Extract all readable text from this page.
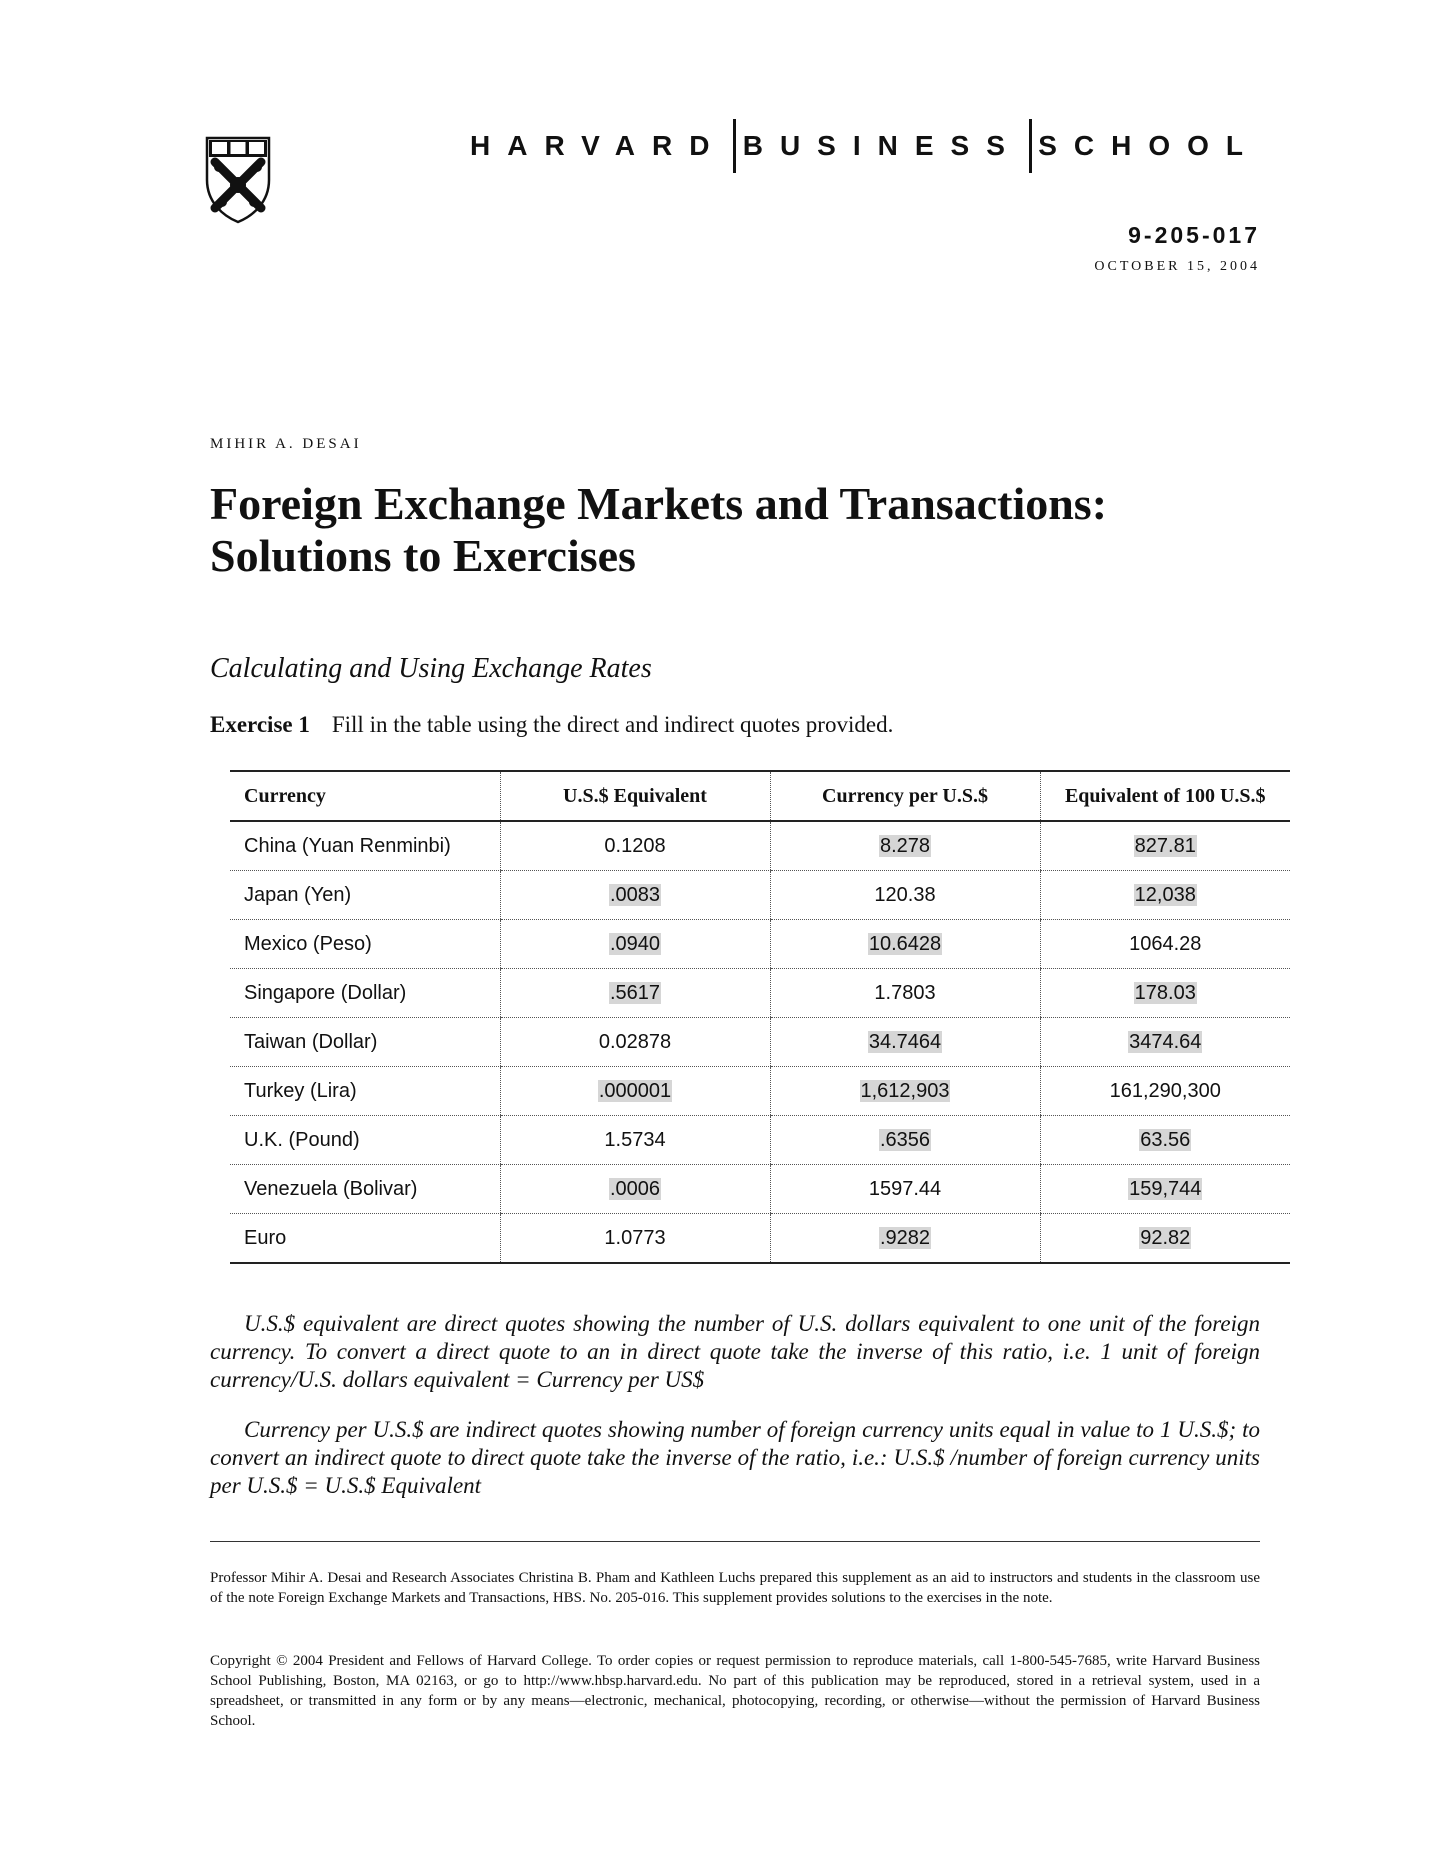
HARVARD BUSINESS SCHOOL
9-205-017
OCTOBER 15, 2004
MIHIR A. DESAI
Foreign Exchange Markets and Transactions:
Solutions to Exercises
Calculating and Using Exchange Rates
Exercise 1 Fill in the table using the direct and indirect quotes provided.
Currency	U.S.$ Equivalent	Currency per U.S.$	Equivalent of 100 U.S.$
China (Yuan Renminbi)	0.1208	8.278	827.81
Japan (Yen)	.0083	120.38	12,038
Mexico (Peso)	.0940	10.6428	1064.28
Singapore (Dollar)	.5617	1.7803	178.03
Taiwan (Dollar)	0.02878	34.7464	3474.64
Turkey (Lira)	.000001	1,612,903	161,290,300
U.K. (Pound)	1.5734	.6356	63.56
Venezuela (Bolivar)	.0006	1597.44	159,744
Euro	1.0773	.9282	92.82

U.S.$ equivalent are direct quotes showing the number of U.S. dollars equivalent to one unit of the foreign currency. To convert a direct quote to an in direct quote take the inverse of this ratio, i.e. 1 unit of foreign currency/U.S. dollars equivalent = Currency per US$

Currency per U.S.$ are indirect quotes showing number of foreign currency units equal in value to 1 U.S.$; to convert an indirect quote to direct quote take the inverse of the ratio, i.e.: U.S.$ /number of foreign currency units per U.S.$ = U.S.$ Equivalent

Professor Mihir A. Desai and Research Associates Christina B. Pham and Kathleen Luchs prepared this supplement as an aid to instructors and students in the classroom use of the note Foreign Exchange Markets and Transactions, HBS. No. 205-016. This supplement provides solutions to the exercises in the note.
Copyright © 2004 President and Fellows of Harvard College. To order copies or request permission to reproduce materials, call 1-800-545-7685, write Harvard Business School Publishing, Boston, MA 02163, or go to http://www.hbsp.harvard.edu. No part of this publication may be reproduced, stored in a retrieval system, used in a spreadsheet, or transmitted in any form or by any means—electronic, mechanical, photocopying, recording, or otherwise—without the permission of Harvard Business School.
